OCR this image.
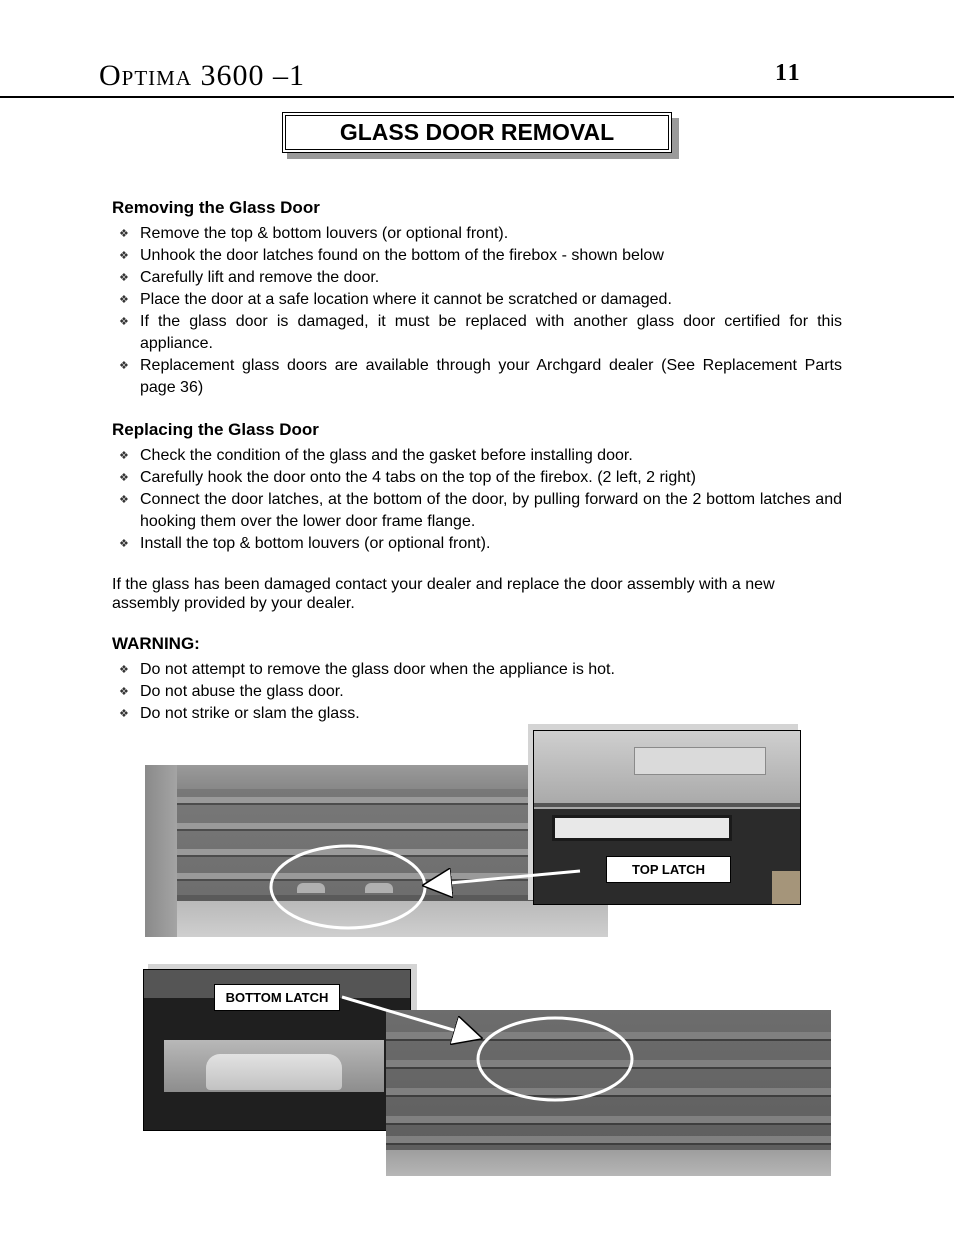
Optima 3600 –1	11
GLASS DOOR REMOVAL
Removing the Glass Door
❖ Remove the top & bottom louvers (or optional front).
❖ Unhook the door latches found on the bottom of the firebox - shown below
❖ Carefully lift and remove the door.
❖ Place the door at a safe location where it cannot be scratched or damaged.
❖ If the glass door is damaged, it must be replaced with another glass door certified for this appliance.
❖ Replacement glass doors are available through your Archgard dealer (See Replacement Parts page 36)
Replacing the Glass Door
❖ Check the condition of the glass and the gasket before installing door.
❖ Carefully hook the door onto the 4 tabs on the top of the firebox. (2 left, 2 right)
❖ Connect the door latches, at the bottom of the door, by pulling forward on the 2 bottom latches and hooking them over the lower door frame flange.
❖ Install the top & bottom louvers (or optional front).
If the glass has been damaged contact your dealer and replace the door assembly with a new assembly provided by your dealer.
WARNING:
❖ Do not attempt to remove the glass door when the appliance is hot.
❖ Do not abuse the glass door.
❖ Do not strike or slam the glass.
TOP LATCH
BOTTOM LATCH
